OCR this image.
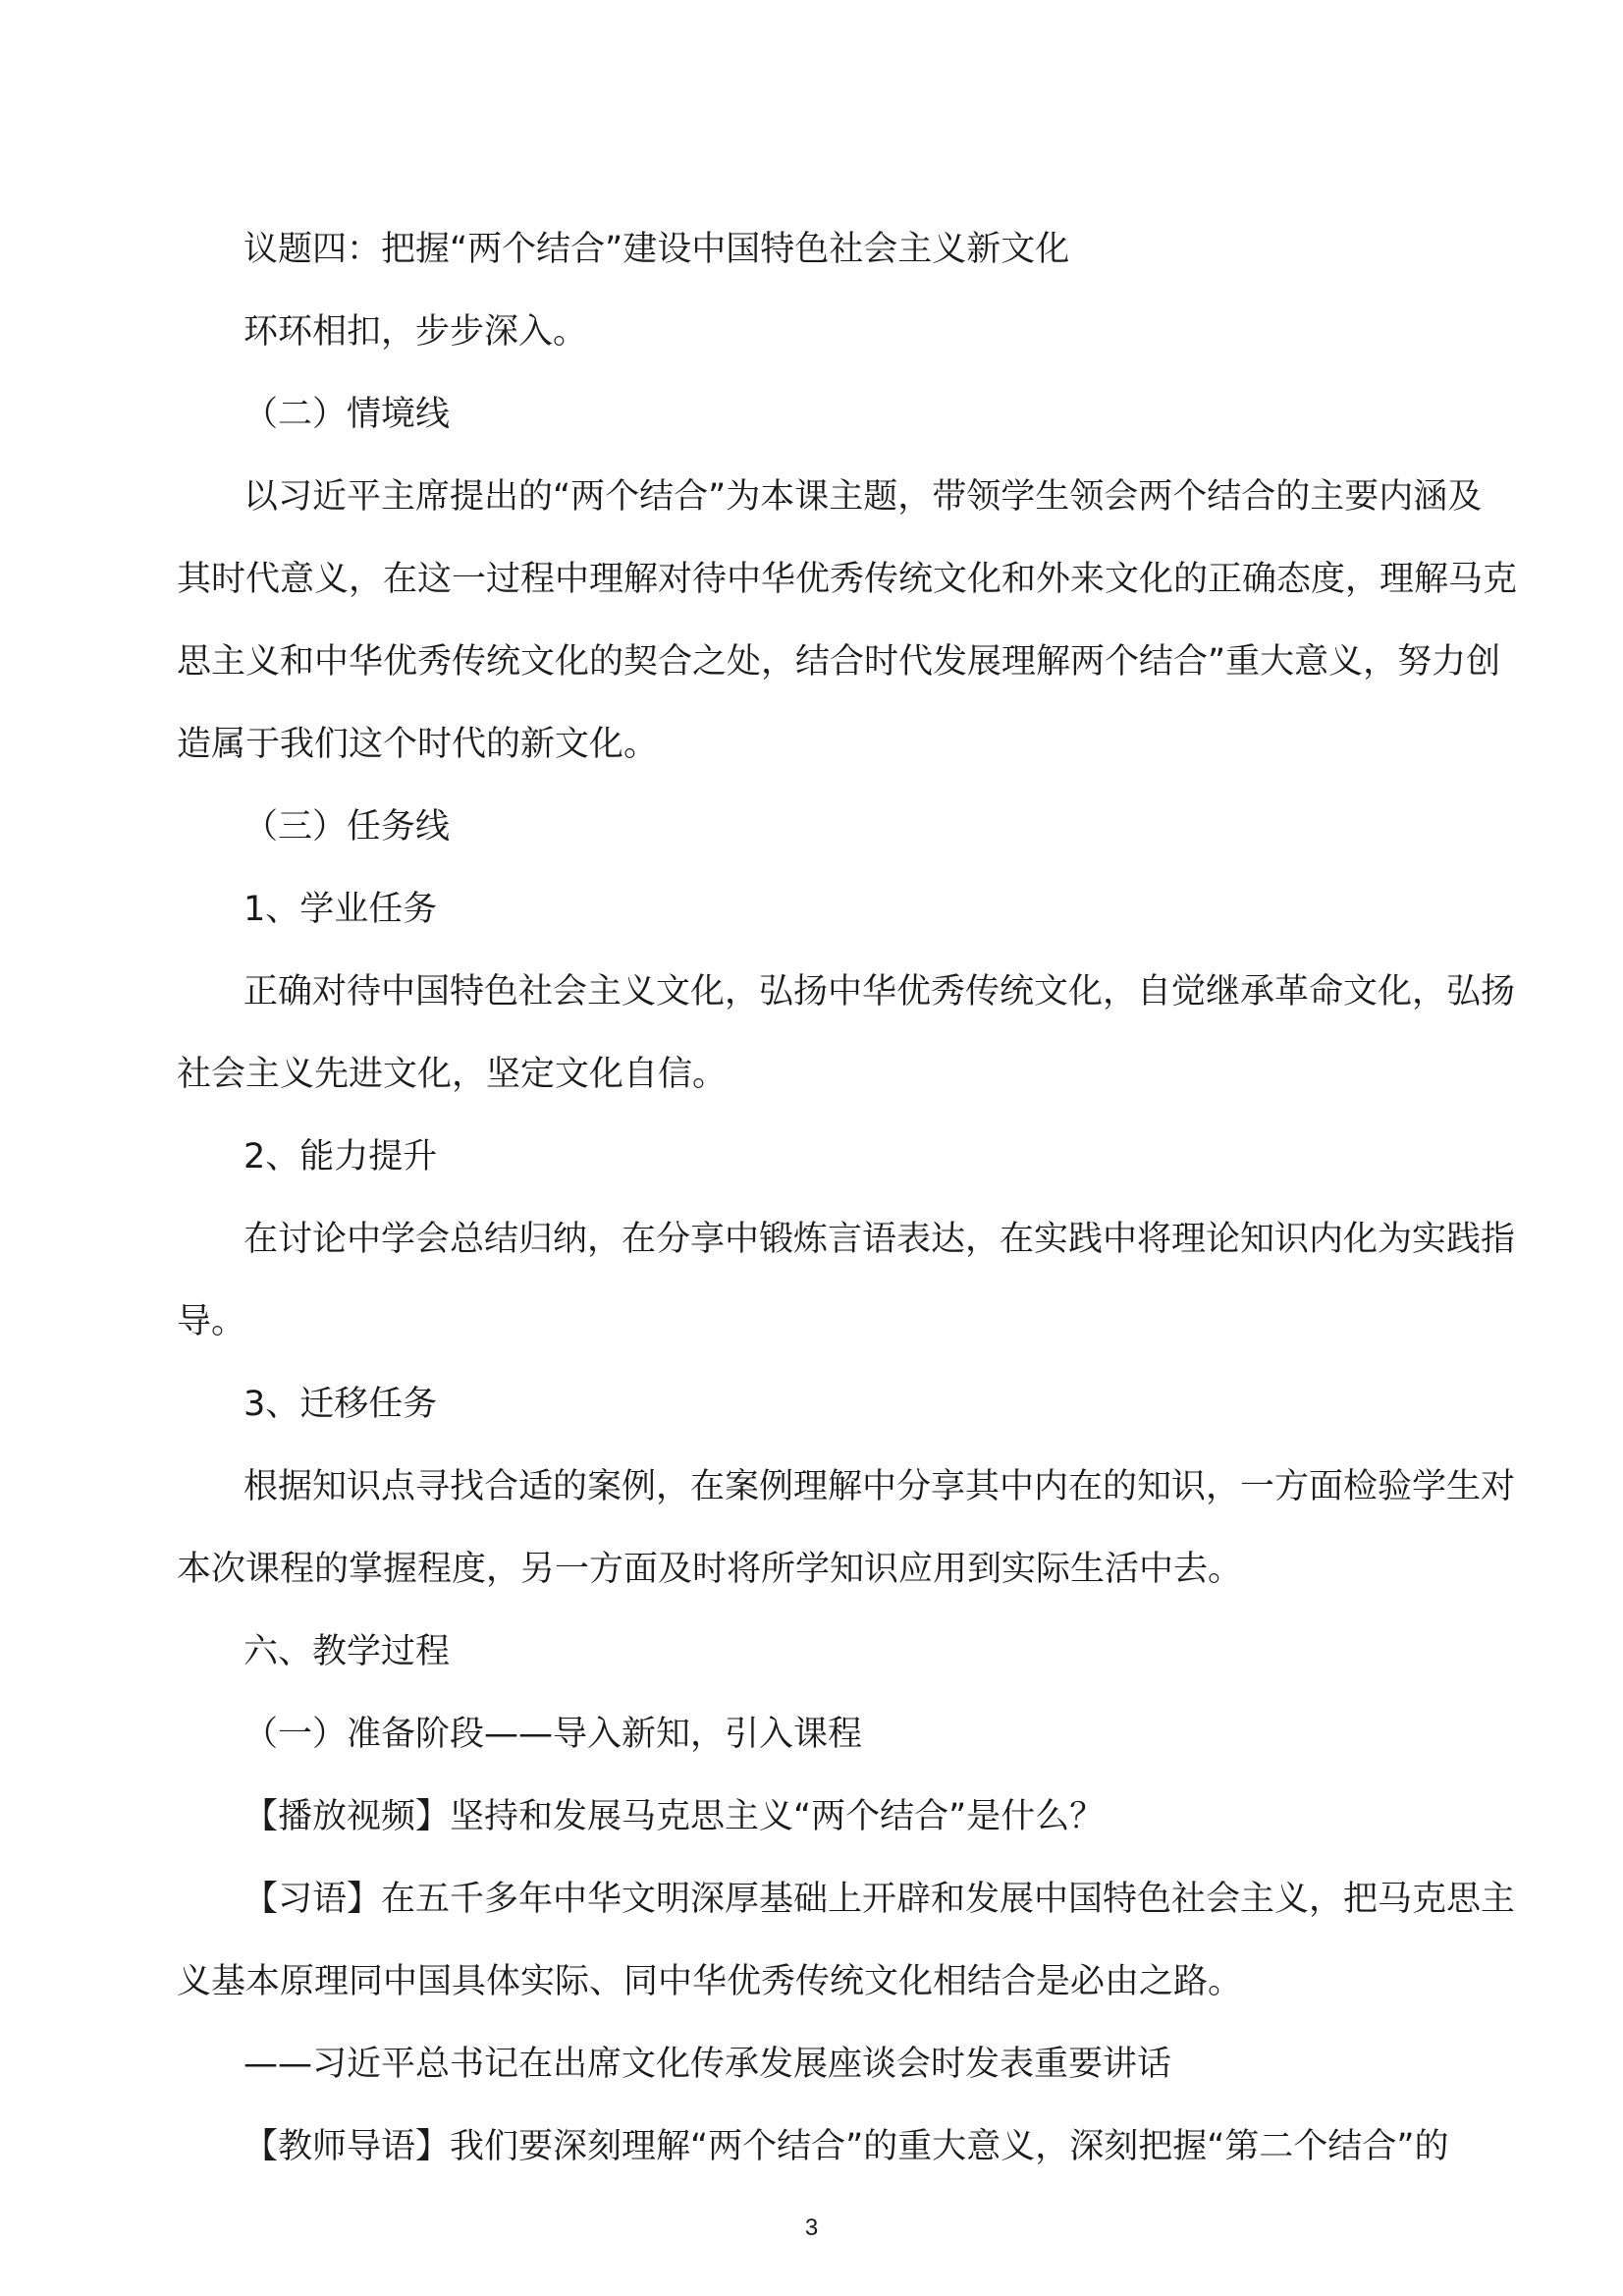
议题四：把握“两个结合”建设中国特色社会主义新文化

环环相扣，步步深入。

（二）情境线

以习近平主席提出的“两个结合”为本课主题，带领学生领会两个结合的主要内涵及

其时代意义，在这一过程中理解对待中华优秀传统文化和外来文化的正确态度，理解马克

思主义和中华优秀传统文化的契合之处，结合时代发展理解两个结合”重大意义，努力创

造属于我们这个时代的新文化。

（三）任务线

1、学业任务

正确对待中国特色社会主义文化，弘扬中华优秀传统文化，自觉继承革命文化，弘扬

社会主义先进文化，坚定文化自信。

2、能力提升

在讨论中学会总结归纳，在分享中锻炼言语表达，在实践中将理论知识内化为实践指

导。

3、迁移任务

根据知识点寻找合适的案例，在案例理解中分享其中内在的知识，一方面检验学生对

本次课程的掌握程度，另一方面及时将所学知识应用到实际生活中去。

六、教学过程

（一）准备阶段——导入新知，引入课程

【播放视频】坚持和发展马克思主义“两个结合”是什么？

【习语】在五千多年中华文明深厚基础上开辟和发展中国特色社会主义，把马克思主

义基本原理同中国具体实际、同中华优秀传统文化相结合是必由之路。

——习近平总书记在出席文化传承发展座谈会时发表重要讲话

【教师导语】我们要深刻理解“两个结合”的重大意义，深刻把握“第二个结合”的

3
